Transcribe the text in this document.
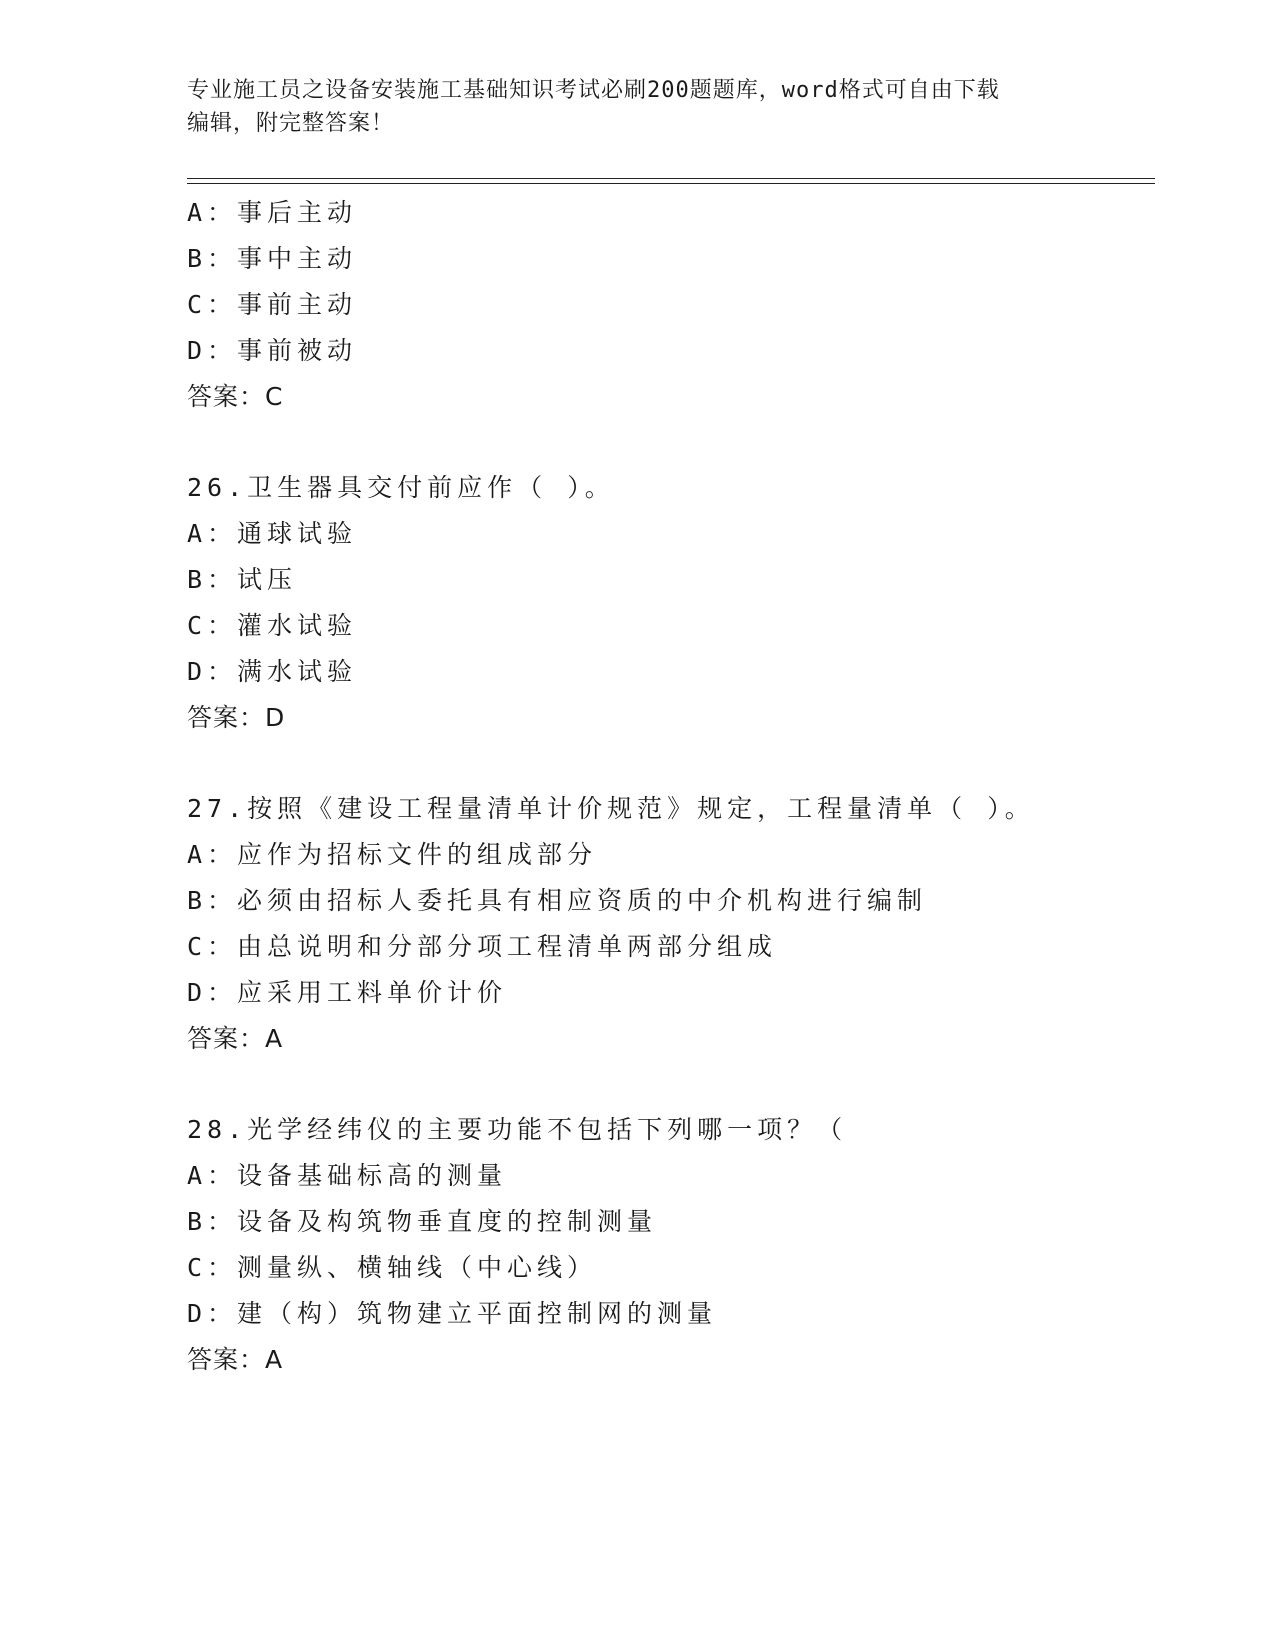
专业施工员之设备安装施工基础知识考试必刷200题题库，word格式可自由下载
编辑，附完整答案！
A：事后主动
B：事中主动
C：事前主动
D：事前被动
答案：C
26.卫生器具交付前应作（ ）。
A：通球试验
B：试压
C：灌水试验
D：满水试验
答案：D
27.按照《建设工程量清单计价规范》规定，工程量清单（ ）。
A：应作为招标文件的组成部分
B：必须由招标人委托具有相应资质的中介机构进行编制
C：由总说明和分部分项工程清单两部分组成
D：应采用工料单价计价
答案：A
28.光学经纬仪的主要功能不包括下列哪一项？（
A：设备基础标高的测量
B：设备及构筑物垂直度的控制测量
C：测量纵、横轴线（中心线）
D：建（构）筑物建立平面控制网的测量
答案：A
